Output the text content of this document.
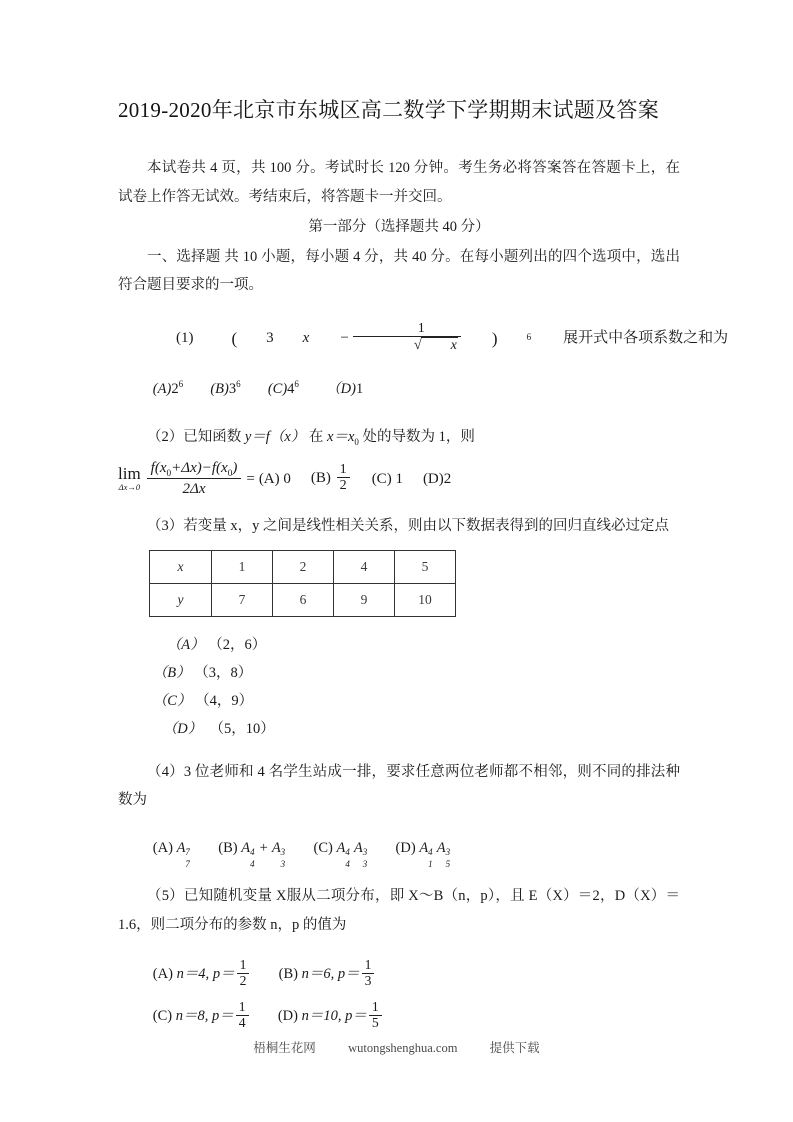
2019-2020年北京市东城区高二数学下学期期末试题及答案

本试卷共 4 页，共 100 分。考试时长 120 分钟。考生务必将答案答在答题卡上，在试卷上作答无试效。考结束后，将答题卡一并交回。

第一部分（选择题共 40 分）

一、选择题 共 10 小题，每小题 4 分，共 40 分。在每小题列出的四个选项中，选出符合题目要求的一项。

(1)	(	3	x	− $\frac{1}{√ x}$	)	6	展开式中各项系数之和为
$(A)2^6$ $(B)3^6$ $(C)4^6$ （D)1
（2）已知函数 y＝f（x） 在 $x=x_0$ 处的导数为 1，则
lim
$\Delta x\to 0 \frac{f(x_0+\Delta x)-f(x_0)}{2\Delta x} = (A)$ 0 $(B) \frac{1}{2} (C)$ 1 (D)2
（3）若变量 x，y 之间是线性相关关系，则由以下数据表得到的回归直线必过定点
x	1	2	4	5
y	7	6	9	10
（A） （2，6）
（B） （3，8）
（C） （4，9）
（D） （5，10）
（4）3 位老师和 4 名学生站成一排，要求任意两位老师都不相邻，则不同的排法种数为
(A) A 7
7
(B) A 4
4
+ A 3
3
(C) A 4
4
A 3
3
(D) A 4
1
A 3
5
（5）已知随机变量 X服从二项分布，即 X～B（n，p），且 E（X）＝2，D（X）＝1.6，则二项分布的参数 n，p 的值为
(A) n＝4, $p= \frac{1}{2} (B)$ n＝6, $p= \frac{1}{3}$
(C) n＝8, $p= \frac{1}{4} (D)$ n＝10, $p= \frac{1}{5}$
梧桐生花网	wutongshenghua.com	提供下载
